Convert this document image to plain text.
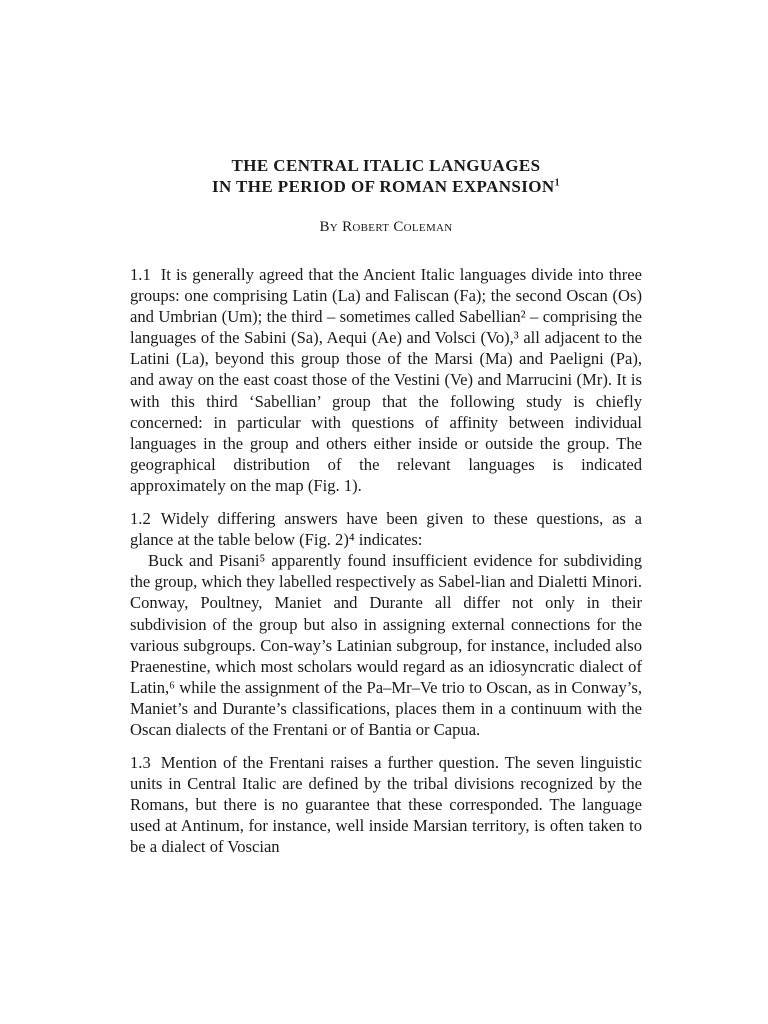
THE CENTRAL ITALIC LANGUAGES
IN THE PERIOD OF ROMAN EXPANSION$^1$
By Robert Coleman

1.1 It is generally agreed that the Ancient Italic languages divide into three groups: one comprising Latin (La) and Faliscan (Fa); the second Oscan (Os) and Umbrian (Um); the third – sometimes called Sabellian² – comprising the languages of the Sabini (Sa), Aequi (Ae) and Volsci (Vo),³ all adjacent to the Latini (La), beyond this group those of the Marsi (Ma) and Paeligni (Pa), and away on the east coast those of the Vestini (Ve) and Marrucini (Mr). It is with this third ‘Sabellian’ group that the following study is chiefly concerned: in particular with questions of affinity between individual languages in the group and others either inside or outside the group. The geographical distribution of the relevant languages is indicated approximately on the map (Fig. 1).

1.2 Widely differing answers have been given to these questions, as a glance at the table below (Fig. 2)⁴ indicates:

Buck and Pisani⁵ apparently found insufficient evidence for subdividing the group, which they labelled respectively as Sabel-lian and Dialetti Minori. Conway, Poultney, Maniet and Durante all differ not only in their subdivision of the group but also in assigning external connections for the various subgroups. Con-way’s Latinian subgroup, for instance, included also Praenestine, which most scholars would regard as an idiosyncratic dialect of Latin,⁶ while the assignment of the Pa–Mr–Ve trio to Oscan, as in Conway’s, Maniet’s and Durante’s classifications, places them in a continuum with the Oscan dialects of the Frentani or of Bantia or Capua.

1.3 Mention of the Frentani raises a further question. The seven linguistic units in Central Italic are defined by the tribal divisions recognized by the Romans, but there is no guarantee that these corresponded. The language used at Antinum, for instance, well inside Marsian territory, is often taken to be a dialect of Voscian
